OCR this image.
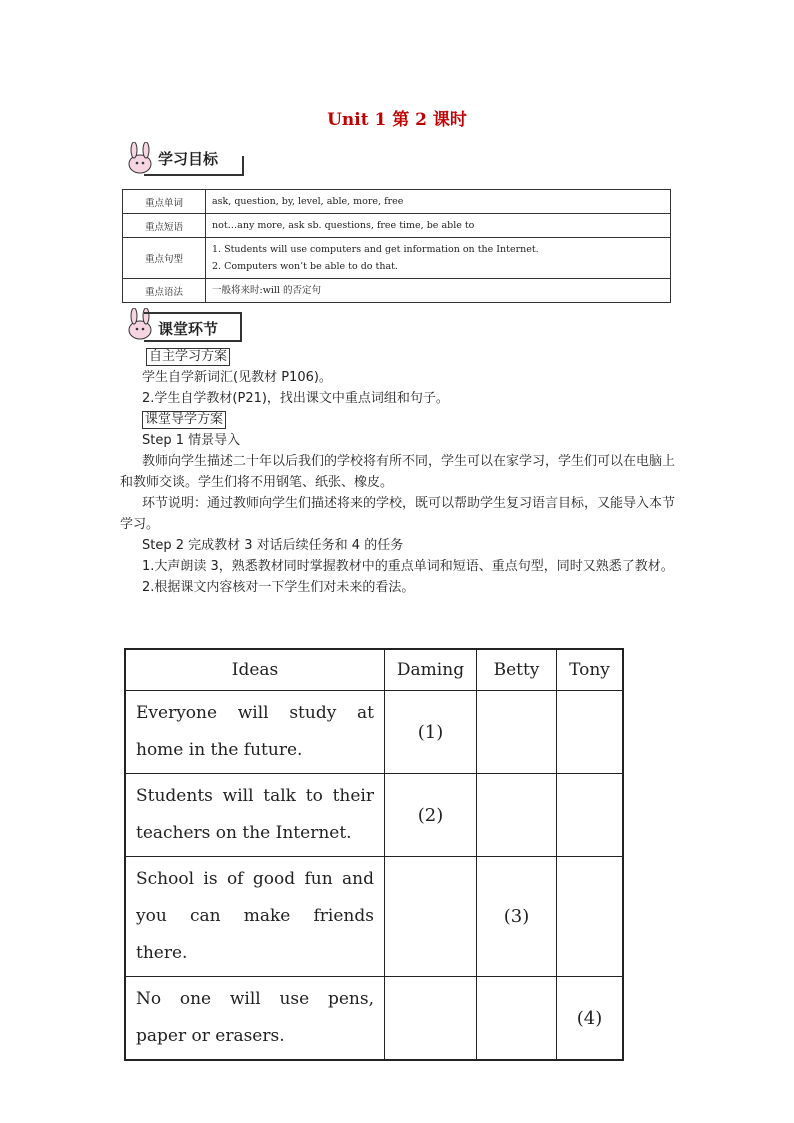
Unit 1 第 2 课时
学习目标
重点单词	ask, question, by, level, able, more, free

重点短语	not…any more, ask sb. questions, free time, be able to

重点句型	1. Students will use computers and get information on the Internet.
2. Computers won’t be able to do that.

重点语法	一般将来时:will 的否定句
课堂环节
自主学习方案
学生自学新词汇(见教材 P106)。
2.学生自学教材(P21)，找出课文中重点词组和句子。
课堂导学方案
Step 1 情景导入
教师向学生描述二十年以后我们的学校将有所不同，学生可以在家学习，学生们可以在电脑上和教师交谈。学生们将不用钢笔、纸张、橡皮。
环节说明：通过教师向学生们描述将来的学校，既可以帮助学生复习语言目标，又能导入本节学习。
Step 2 完成教材 3 对话后续任务和 4 的任务
1.大声朗读 3，熟悉教材同时掌握教材中的重点单词和短语、重点句型，同时又熟悉了教材。
2.根据课文内容核对一下学生们对未来的看法。
Ideas	Daming	Betty	Tony
Everyone will study at home in the future.	(1)		
Students will talk to their teachers on the Internet.	(2)		
School is of good fun and you can make friends there.		(3)	
No one will use pens, paper or erasers.			(4)
